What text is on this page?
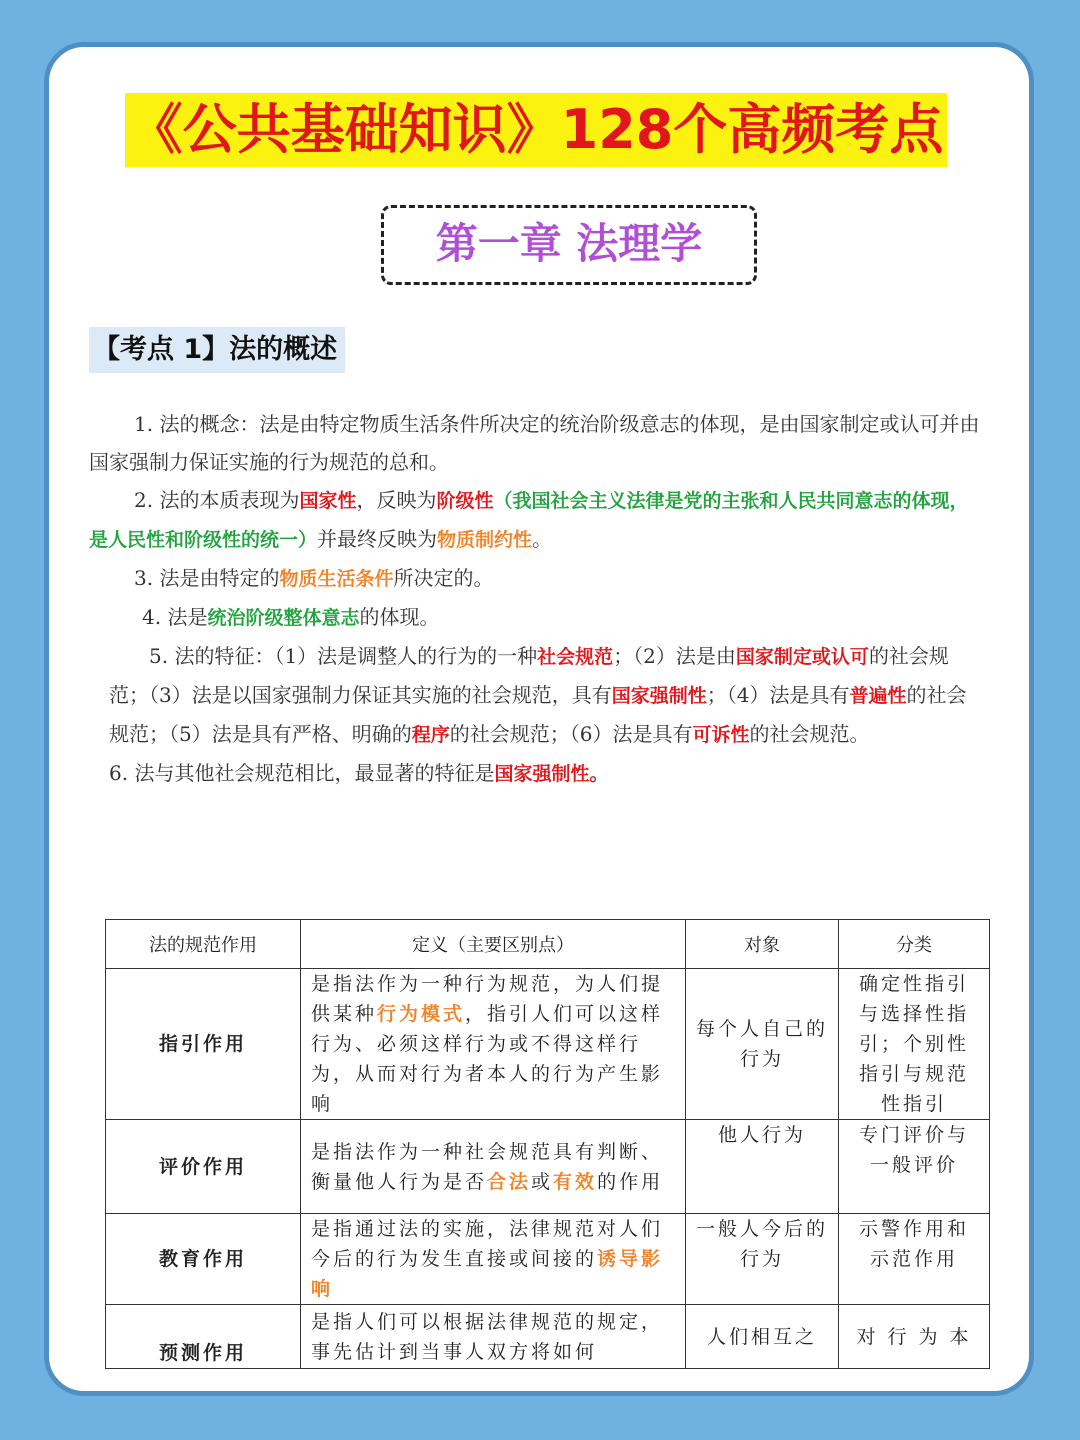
《公共基础知识》128个高频考点
第一章 法理学
【考点 1】法的概述

1. 法的概念：法是由特定物质生活条件所决定的统治阶级意志的体现，是由国家制定或认可并由国家强制力保证实施的行为规范的总和。

2. 法的本质表现为国家性，反映为阶级性（我国社会主义法律是党的主张和人民共同意志的体现，是人民性和阶级性的统一）并最终反映为物质制约性。

3. 法是由特定的物质生活条件所决定的。

4. 法是统治阶级整体意志的体现。

5. 法的特征：（1）法是调整人的行为的一种社会规范；（2）法是由国家制定或认可的社会规范；（3）法是以国家强制力保证其实施的社会规范，具有国家强制性；（4）法是具有普遍性的社会规范；（5）法是具有严格、明确的程序的社会规范；（6）法是具有可诉性的社会规范。

6. 法与其他社会规范相比，最显著的特征是国家强制性。

法的规范作用	定义（主要区别点）	对象	分类
指引作用	是指法作为一种行为规范，为人们提供某种行为模式，指引人们可以这样行为、必须这样行为或不得这样行为，从而对行为者本人的行为产生影响	每个人自己的行为	确定性指引与选择性指引；个别性指引与规范性指引
评价作用	是指法作为一种社会规范具有判断、衡量他人行为是否合法或有效的作用	他人行为	专门评价与一般评价
教育作用	是指通过法的实施，法律规范对人们今后的行为发生直接或间接的诱导影响	一般人今后的行为	示警作用和示范作用
预测作用	是指人们可以根据法律规范的规定，事先估计到当事人双方将如何	人们相互之	对 行 为 本
